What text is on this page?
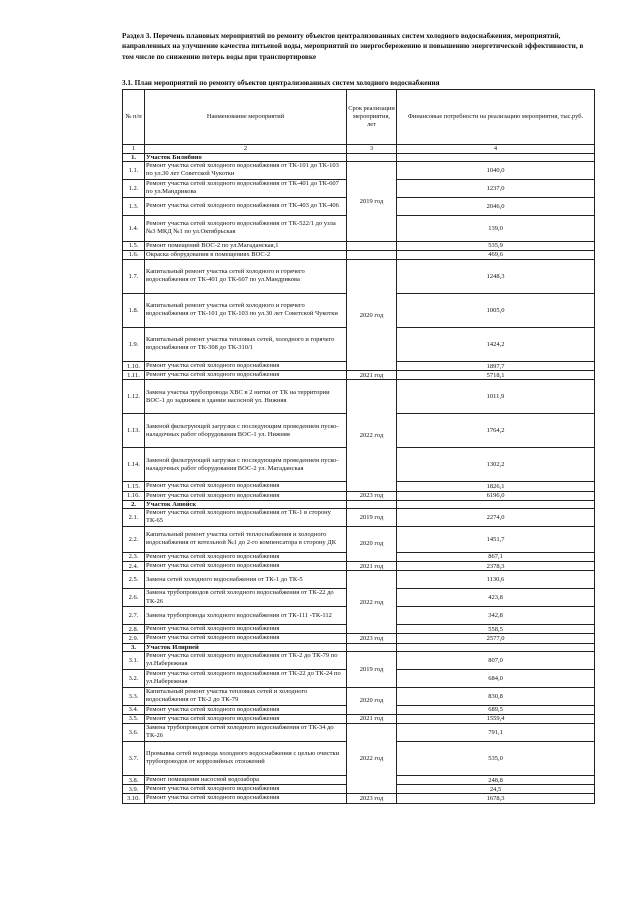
Раздел 3. Перечень плановых мероприятий по ремонту объектов централизованных систем холодного водоснабжения, мероприятий, направленных на улучшение качества питьевой воды, мероприятий по энергосбережению и повышению энергетической эффективности, в том числе по снижению потерь воды при транспортировке
3.1. План мероприятий по ремонту объектов централизованных систем холодного водоснабжения
№ п/п	Наименование мероприятий	Срок реализации мероприятия, лет	Финансовые потребности на реализацию мероприятия, тыс.руб.
1	2	3	4
1.	Участок Билибино		
1.1.	Ремонт участка сетей холодного водоснабжения от ТК-101 до ТК-103 по ул.30 лет Советской Чукотки	2019 год	1040,0
1.2.	Ремонт участка сетей холодного водоснабжения от ТК-401 до ТК-607 по ул.Мандрикова		1237,0
1.3.	Ремонт участка сетей холодного водоснабжения от ТК-403 до ТК-406		2046,0
1.4.	Ремонт участка сетей холодного водоснабжения от ТК-522/1 до узла №3 МКД №1 по ул.Октябрьская		139,0
1.5.	Ремонт помещений ВОС-2 по ул.Магаданская,1		535,9
1.6.	Окраска оборудования в помещениях ВОС-2		469,6
1.7.	Капитальный ремонт участка сетей холодного и горячего водоснабжения от ТК-401 до ТК-607 по ул.Мандрикова	2020 год	1248,3
1.8.	Капитальный ремонт участка сетей холодного и горячего водоснабжения от ТК-101 до ТК-103 по ул.30 лет Советской Чукотки		1005,0
1.9.	Капитальный ремонт участка тепловых сетей, холодного и горячего водоснабжения от ТК-308 до ТК-310/1		1424,2
1.10.	Ремонт участка сетей холодного водоснабжения		1897,7
1.11.	Ремонт участка сетей холодного водоснабжения	2021 год	5718,1
1.12.	Замена участка трубопровода ХВС в 2 нитки от ТК на территории ВОС-1 до задвижек в здании насосной ул. Нижняя	2022 год	1011,9
1.13.	Заменой фильтрующей загрузки с последующим проведением пуско-наладочных работ оборудования ВОС-1 ул. Нижняя		1764,2
1.14.	Заменой фильтрующей загрузки с последующим проведением пуско-наладочных работ оборудования ВОС-2 ул. Магаданская		1302,2
1.15.	Ремонт участка сетей холодного водоснабжения		1826,1
1.16.	Ремонт участка сетей холодного водоснабжения	2023 год	6196,0
2.	Участок Анюйск		
2.1.	Ремонт участка сетей холодного водоснабжения от ТК-1 в сторону ТК-65	2019 год	2274,0
2.2.	Капитальный ремонт участка сетей теплоснабжения и холодного водоснабжения от котельной №1 до 2-го компенсатора в сторону ДК	2020 год	1451,7
2.3.	Ремонт участка сетей холодного водоснабжения		867,1
2.4.	Ремонт участка сетей холодного водоснабжения	2021 год	2378,3
2.5.	Замена сетей холодного водоснабжения от ТК-1 до ТК-5	2022 год	1130,6
2.6.	Замена трубопроводов сетей холодного водоснабжения от ТК-22 до ТК-26		423,8
2.7.	Замена трубопровода холодного водоснабжения от ТК-111 -ТК-112		342,8
2.8.	Ремонт участка сетей холодного водоснабжения		558,5
2.9.	Ремонт участка сетей холодного водоснабжения	2023 год	2577,0
3.	Участок Илирней		
3.1.	Ремонт участка сетей холодного водоснабжения от ТК-2 до ТК-79 по ул.Набережная	2019 год	807,0
3.2.	Ремонт участка сетей холодного водоснабжения от ТК-22 до ТК-24 по ул.Набережная		684,0
3.3.	Капитальный ремонт участка тепловых сетей и холодного водоснабжения от ТК-2 до ТК-79	2020 год	830,8
3.4.	Ремонт участка сетей холодного водоснабжения		689,5
3.5.	Ремонт участка сетей холодного водоснабжения	2021 год	1559,4
3.6.	Замена трубопроводов сетей холодного водоснабжения от ТК-34 до ТК-26	2022 год	791,1
3.7.	Промывка сетей водовода холодного водоснабжения с целью очистки трубопроводов от коррозийных отложений		535,0
3.8.	Ремонт помещения насосной водозабора		248,8
3.9.	Ремонт участка сетей холодного водоснабжения		24,5
3.10.	Ремонт участка сетей холодного водоснабжения	2023 год	1678,3
